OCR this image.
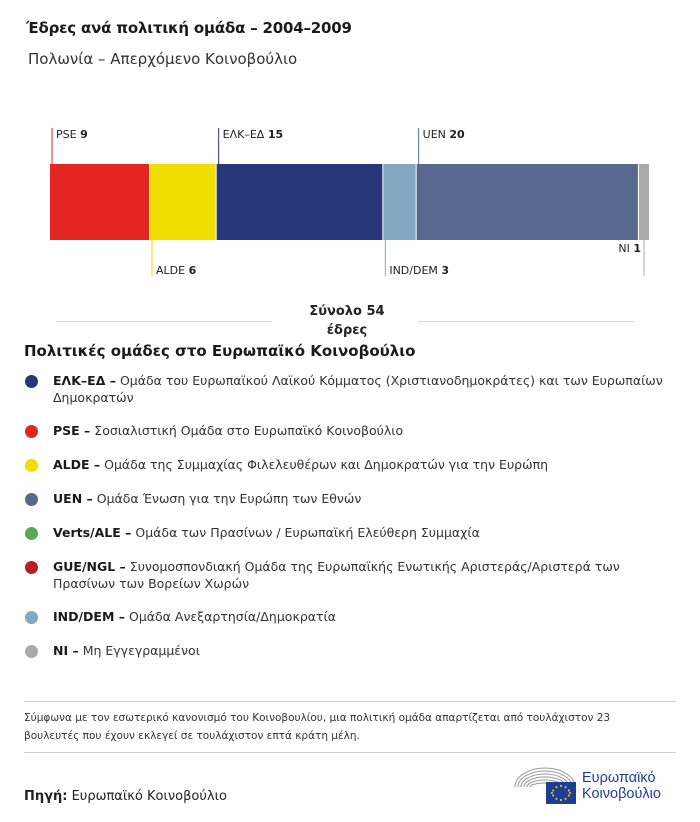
Έδρες ανά πολιτική ομάδα – 2004–2009
Πολωνία – Απερχόμενο Κοινοβούλιο
PSE 9
ALDE 6
ΕΛΚ–ΕΔ 15
IND/DEM 3
UEN 20
NI 1
Σύνολο 54
έδρες
Πολιτικές ομάδες στο Ευρωπαϊκό Κοινοβούλιο
ΕΛΚ–ΕΔ – Ομάδα του Ευρωπαϊκού Λαϊκού Κόμματος (Χριστιανοδημοκράτες) και των Ευρωπαίων Δημοκρατών
PSE – Σοσιαλιστική Ομάδα στο Ευρωπαϊκό Κοινοβούλιο
ALDE – Ομάδα της Συμμαχίας Φιλελευθέρων και Δημοκρατών για την Ευρώπη
UEN – Ομάδα Ένωση για την Ευρώπη των Εθνών
Verts/ALE – Ομάδα των Πρασίνων / Ευρωπαϊκή Ελεύθερη Συμμαχία
GUE/NGL – Συνομοσπονδιακή Ομάδα της Ευρωπαϊκής Ενωτικής Αριστεράς/Αριστερά των Πρασίνων των Βορείων Χωρών
IND/DEM – Ομάδα Ανεξαρτησία/Δημοκρατία
NI – Μη Εγγεγραμμένοι
Σύμφωνα με τον εσωτερικό κανονισμό του Κοινοβουλίου, μια πολιτική ομάδα απαρτίζεται από τουλάχιστον 23 βουλευτές που έχουν εκλεγεί σε τουλάχιστον επτά κράτη μέλη.
Πηγή: Ευρωπαϊκό Κοινοβούλιο
Ευρωπαϊκό
Κοινοβούλιο
